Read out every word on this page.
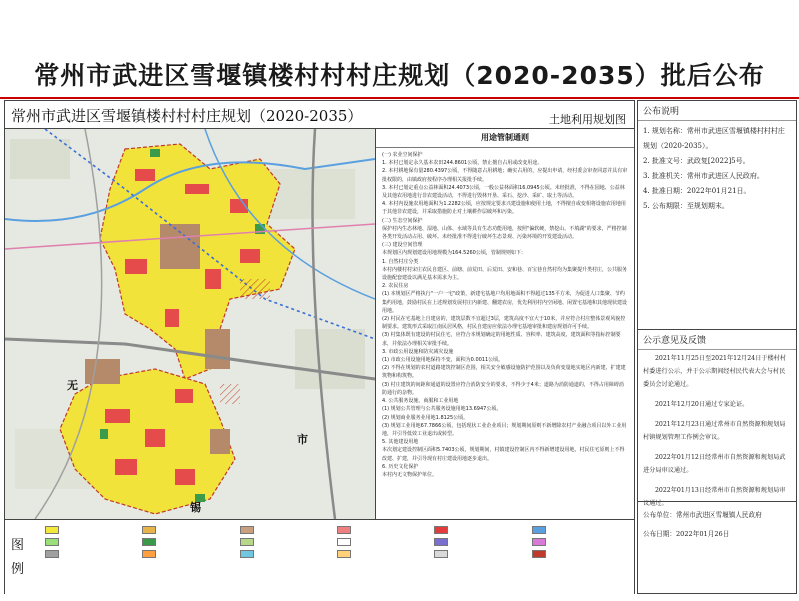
常州市武进区雪堰镇楼村村村庄规划（2020-2035）批后公布
常州市武进区雪堰镇楼村村村庄规划（2020-2035）	土地利用规划图
无
市
锡
用途管制通则

(一) 农业空间保护

1. 本村已划定永久基本农田244.8601公顷，禁止擅自占用或改变用途。

2. 本村耕地保有量280.4397公顷，不得随意占用耕地；确实占用的，应提出申请，经村委会审查同意并具有审批权限的，由镇政府按程序办理相关报批手续。

3. 本村已划定重点公益林面积24.4073公顷，一般公益林面积16.0945公顷。未经批准，不得在园地、公益林及其他农用地进行非农建设活动，不得进行毁林开垦、采石、挖沙、采矿、取土等活动。

4. 本村内设施农用地面积为1.2282公顷，应按规定要求兴建设施和使用土地，不得擅自或变相将设施农用地用于其他非农建设，并采取措施防止对土壤耕作层破坏和污染。

(二) 生态空间保护

保护村内生态林地、湿地、山体、水域等具有生态功能用地，按照"偏软硬，禁挖山、不填湖"的要求，严格控制各类开发活动占用、破坏。未经批准不得进行破坏生态景观、污染环境的开发建设活动。

(三) 建设空间管理

本规划区内规划建设用地规模为164.5260公顷，管制规则如下：

1. 自然村庄分类

本村内楼村村宋庄农民自建区、前塘、前荒田、后荒田、安和巷、百宝巷自然村均为集聚提升类村庄，公共服务设施配套建设以满足基本需求为主。

2. 农民住房

(1) 本规划区严格执行"一户一宅"政策，新建宅基地户均用地面积不得超过135平方米，为促进人口集聚、节约集约用地，鼓励村民在上述规划发展村庄内新建、翻建农房，优先利用村内空闲地、闲置宅基地和其他现状建设用地。

(2) 村民在宅基地上自建房的，建筑层数不宜超过3层，建筑高度不宜大于10米，并应符合村庄整体景观风貌控制要求。建筑形式采取江南民居风格，村民自建房应依法办理宅基地审批和建房规划许可手续。

(3) 村集体既有建设的村民住宅，应符合本规划确定的用地性质、容积率、建筑高度、建筑面积等指标控制要求，并依法办理相关审批手续。

3. 市政公用设施和防灾减灾设施

(1) 市政公用设施用地保持不变，面积为0.0011公顷。

(2) 不得在规划的农村道路建筑控制区范围，相关安全敏感设施防护范围以及负荷变量地实地区内新建、扩建建筑物和构筑物。

(3) 村庄建筑的间距和通道的设置应符合消防安全的要求，不得少于4米；道路为消防通道的，不得占用障碍消防通行的杂物。

4. 公共服务设施、商服和工业用地

(1) 规划公共管理与公共服务设施用地13.6947公顷。

(2) 规划商业服务业用地1.8125公顷。

(3) 规划工业用地67.7866公顷，包括现状工业企业项目；规划期间原则不新增除农村产业融合项目以外工业用地，并引导低效工业退出或转型。

5. 其他建设用地

本次划定建设控制区面积5.7403公顷，规划期间，村镇建设控制区内不得新增建设用地，村民住宅原则上不得改建、扩建，并引导现有村庄建设用地逐步退出。

6. 历史文化保护

本村内无文物保护单位。

图例
公布说明
1. 规划名称：常州市武进区雪堰镇楼村村村庄规划（2020-2035）。
2. 批准文号：武政复[2022]5号。
3. 批准机关：常州市武进区人民政府。
4. 批准日期：2022年01月21日。
5. 公布期限：至规划期末。
公示意见及反馈

2021年11月25日至2021年12月24日于楼村村村委进行公示，并于公示期间经村民代表大会与村民委员会讨论通过。

2021年12月20日通过专家论证。

2021年12月23日通过常州市自然资源和规划局村镇规划管理工作例会审议。

2022年01月12日经常州市自然资源和规划局武进分局审议通过。

2022年01月13日经常州市自然资源和规划局审议通过。

公布单位：常州市武进区雪堰镇人民政府
公布日期：2022年01月26日
